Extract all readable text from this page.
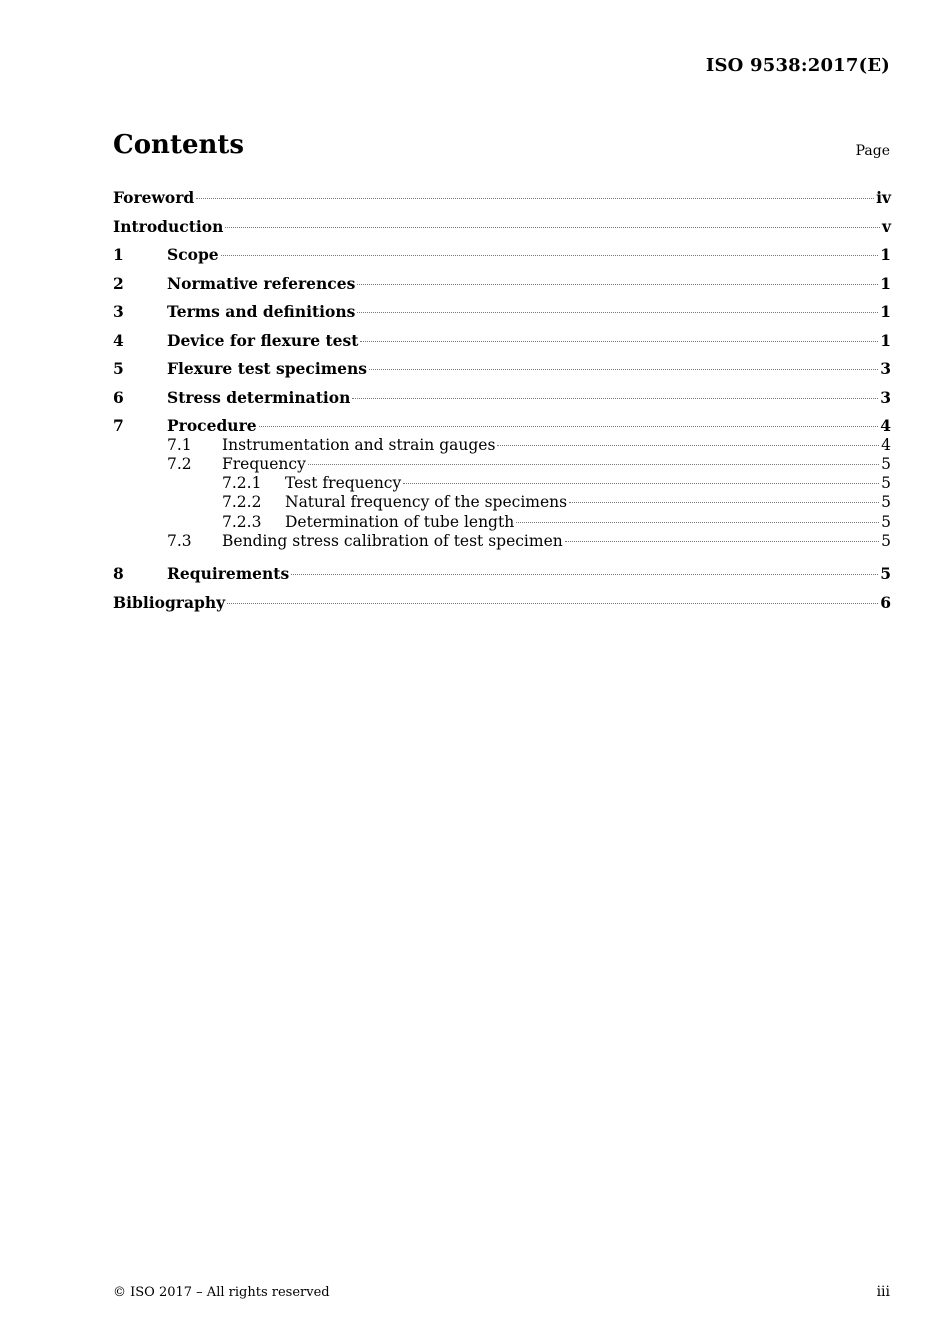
ISO 9538:2017(E)
Contents	Page
Foreword	iv
Introduction	v
1	Scope	1
2	Normative references	1
3	Terms and definitions	1
4	Device for flexure test	1
5	Flexure test specimens	3
6	Stress determination	3
7	Procedure	4
7.1	Instrumentation and strain gauges	4
7.2	Frequency	5
7.2.1	Test frequency	5
7.2.2	Natural frequency of the specimens	5
7.2.3	Determination of tube length	5
7.3	Bending stress calibration of test specimen	5
8	Requirements	5
Bibliography	6
© ISO 2017 – All rights reserved	iii
